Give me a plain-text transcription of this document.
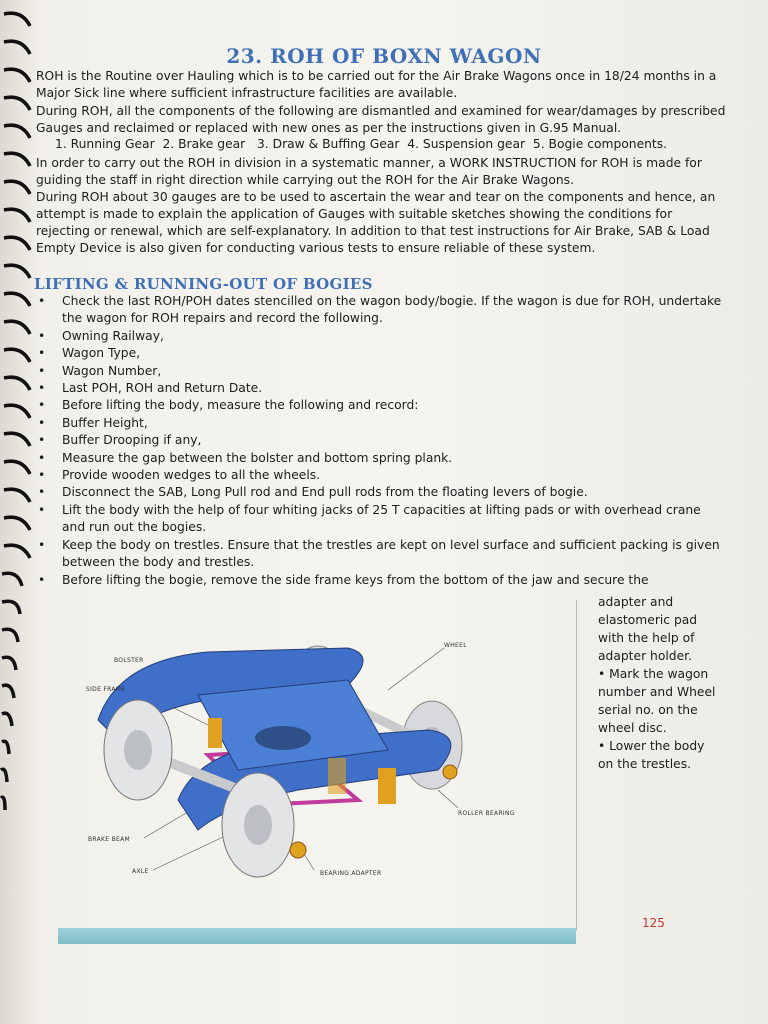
23. ROH OF BOXN WAGON

ROH is the Routine over Hauling which is to be carried out for the Air Brake Wagons once in 18/24 months in a Major Sick line where sufficient infrastructure facilities are available.

During ROH, all the components of the following are dismantled and examined for wear/damages by prescribed Gauges and reclaimed or replaced with new ones as per the instructions given in G.95 Manual.

1. Running Gear  2. Brake gear   3. Draw & Buffing Gear  4. Suspension gear  5. Bogie components.

In order to carry out the ROH in division in a systematic manner, a WORK INSTRUCTION for ROH is made for guiding the staff in right direction while carrying out the ROH for the Air Brake Wagons.

During ROH about 30 gauges are to be used to ascertain the wear and tear on the components and hence, an attempt is made to explain the application of Gauges with suitable sketches showing the conditions for rejecting or renewal, which are self-explanatory. In addition to that test instructions for Air Brake, SAB & Load Empty Device is also given for conducting various tests to ensure reliable of these system.

LIFTING & RUNNING-OUT OF BOGIES
• Check the last ROH/POH dates stencilled on the wagon body/bogie. If the wagon is due for ROH, undertake the wagon for ROH repairs and record the following.
• Owning Railway,
• Wagon Type,
• Wagon Number,
• Last POH, ROH and Return Date.
• Before lifting the body, measure the following and record:
• Buffer Height,
• Buffer Drooping if any,
• Measure the gap between the bolster and bottom spring plank.
• Provide wooden wedges to all the wheels.
• Disconnect the SAB, Long Pull rod and End pull rods from the floating levers of bogie.
• Lift the body with the help of four whiting jacks of 25 T capacities at lifting pads or with overhead crane and run out the bogies.
• Keep the body on trestles. Ensure that the trestles are kept on level surface and sufficient packing is given between the body and trestles.
• Before lifting the bogie, remove the side frame keys from the bottom of the jaw and secure the

adapter and elastomeric pad with the help of adapter holder.

• Mark the wagon number and Wheel serial no. on the wheel disc.

• Lower the body on the trestles.

BOLSTER
SIDE FRAME
WHEEL
ROLLER BEARING
BRAKE BEAM
AXLE	BEARING ADAPTER
125
